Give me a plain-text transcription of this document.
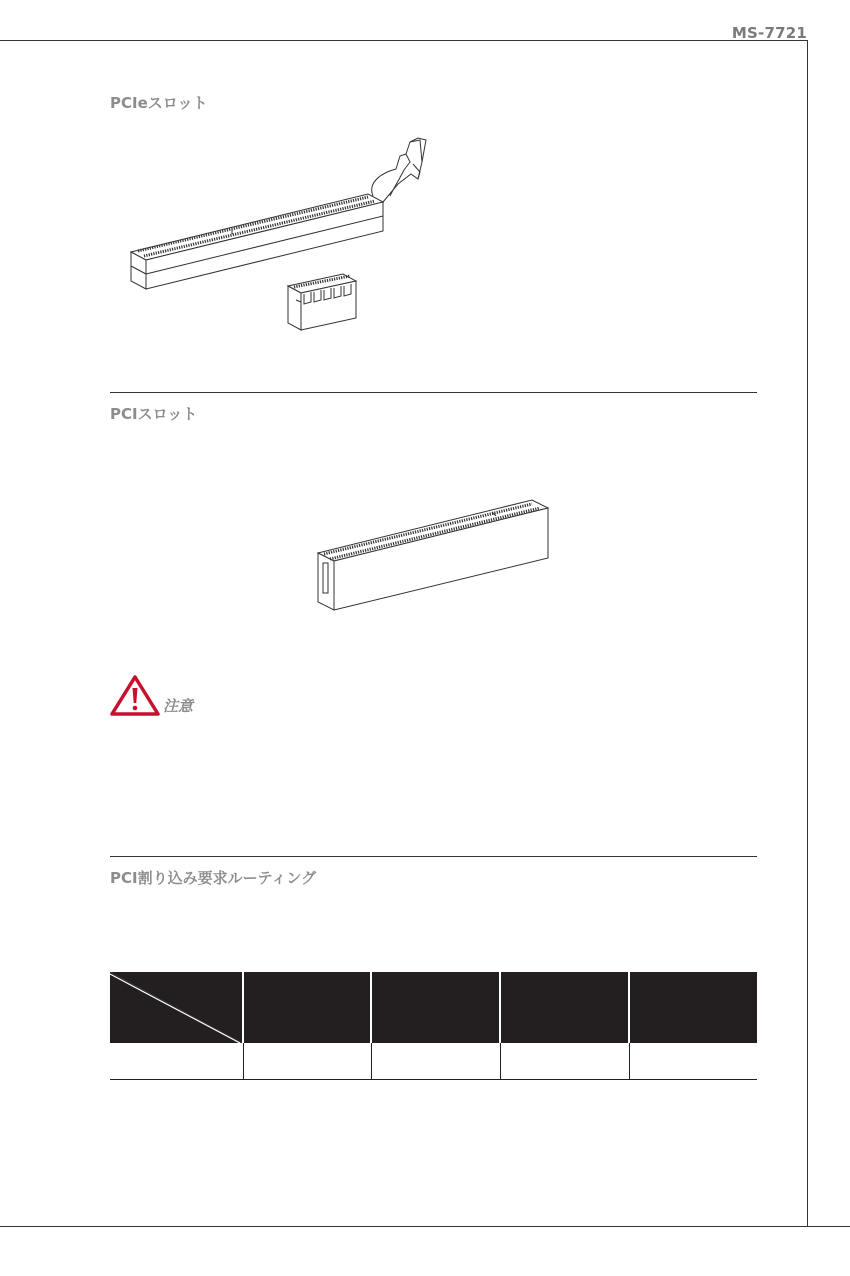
MS-7721
PCIeスロット
PCIスロット
注意
PCI割り込み要求ルーティング
